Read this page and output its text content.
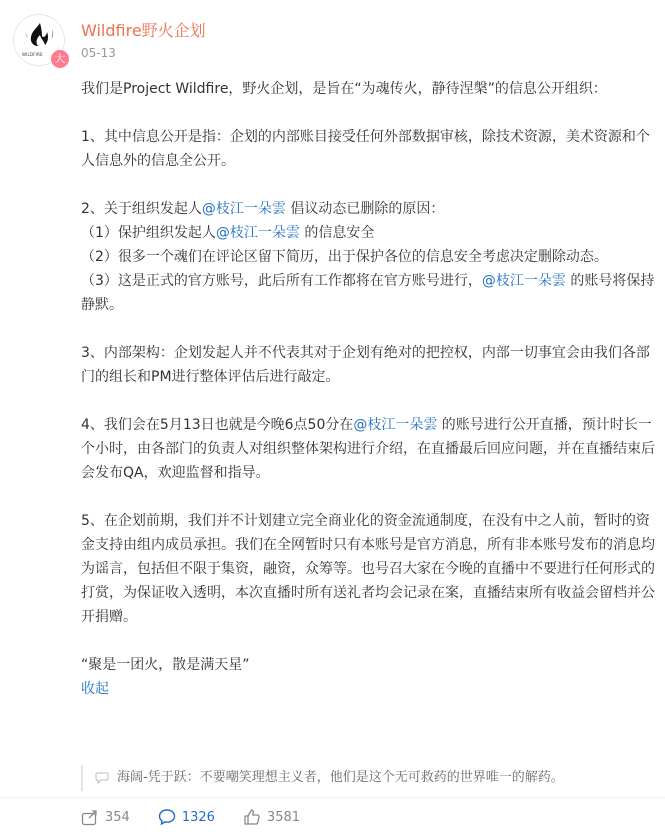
WILDFIRE	大
Wildfire野火企划
05-13

我们是Project Wildfire，野火企划，是旨在“为魂传火，静待涅槃”的信息公开组织：

1、其中信息公开是指：企划的内部账目接受任何外部数据审核，除技术资源，美术资源和个人信息外的信息全公开。

2、关于组织发起人@枝江一朵雲 倡议动态已删除的原因：

（1）保护组织发起人@枝江一朵雲 的信息安全

（2）很多一个魂们在评论区留下简历，出于保护各位的信息安全考虑决定删除动态。

（3）这是正式的官方账号，此后所有工作都将在官方账号进行，@枝江一朵雲 的账号将保持静默。

3、内部架构：企划发起人并不代表其对于企划有绝对的把控权，内部一切事宜会由我们各部门的组长和PM进行整体评估后进行敲定。

4、我们会在5月13日也就是今晚6点50分在@枝江一朵雲 的账号进行公开直播，预计时长一个小时，由各部门的负责人对组织整体架构进行介绍，在直播最后回应问题，并在直播结束后会发布QA，欢迎监督和指导。

5、在企划前期，我们并不计划建立完全商业化的资金流通制度，在没有中之人前，暂时的资金支持由组内成员承担。我们在全网暂时只有本账号是官方消息，所有非本账号发布的消息均为谣言，包括但不限于集资，融资，众筹等。也号召大家在今晚的直播中不要进行任何形式的打赏，为保证收入透明，本次直播时所有送礼者均会记录在案，直播结束所有收益会留档并公开捐赠。

“聚是一团火，散是满天星”

收起
海阔-凭于跃：不要嘲笑理想主义者，他们是这个无可救药的世界唯一的解药。
354	1326	3581
